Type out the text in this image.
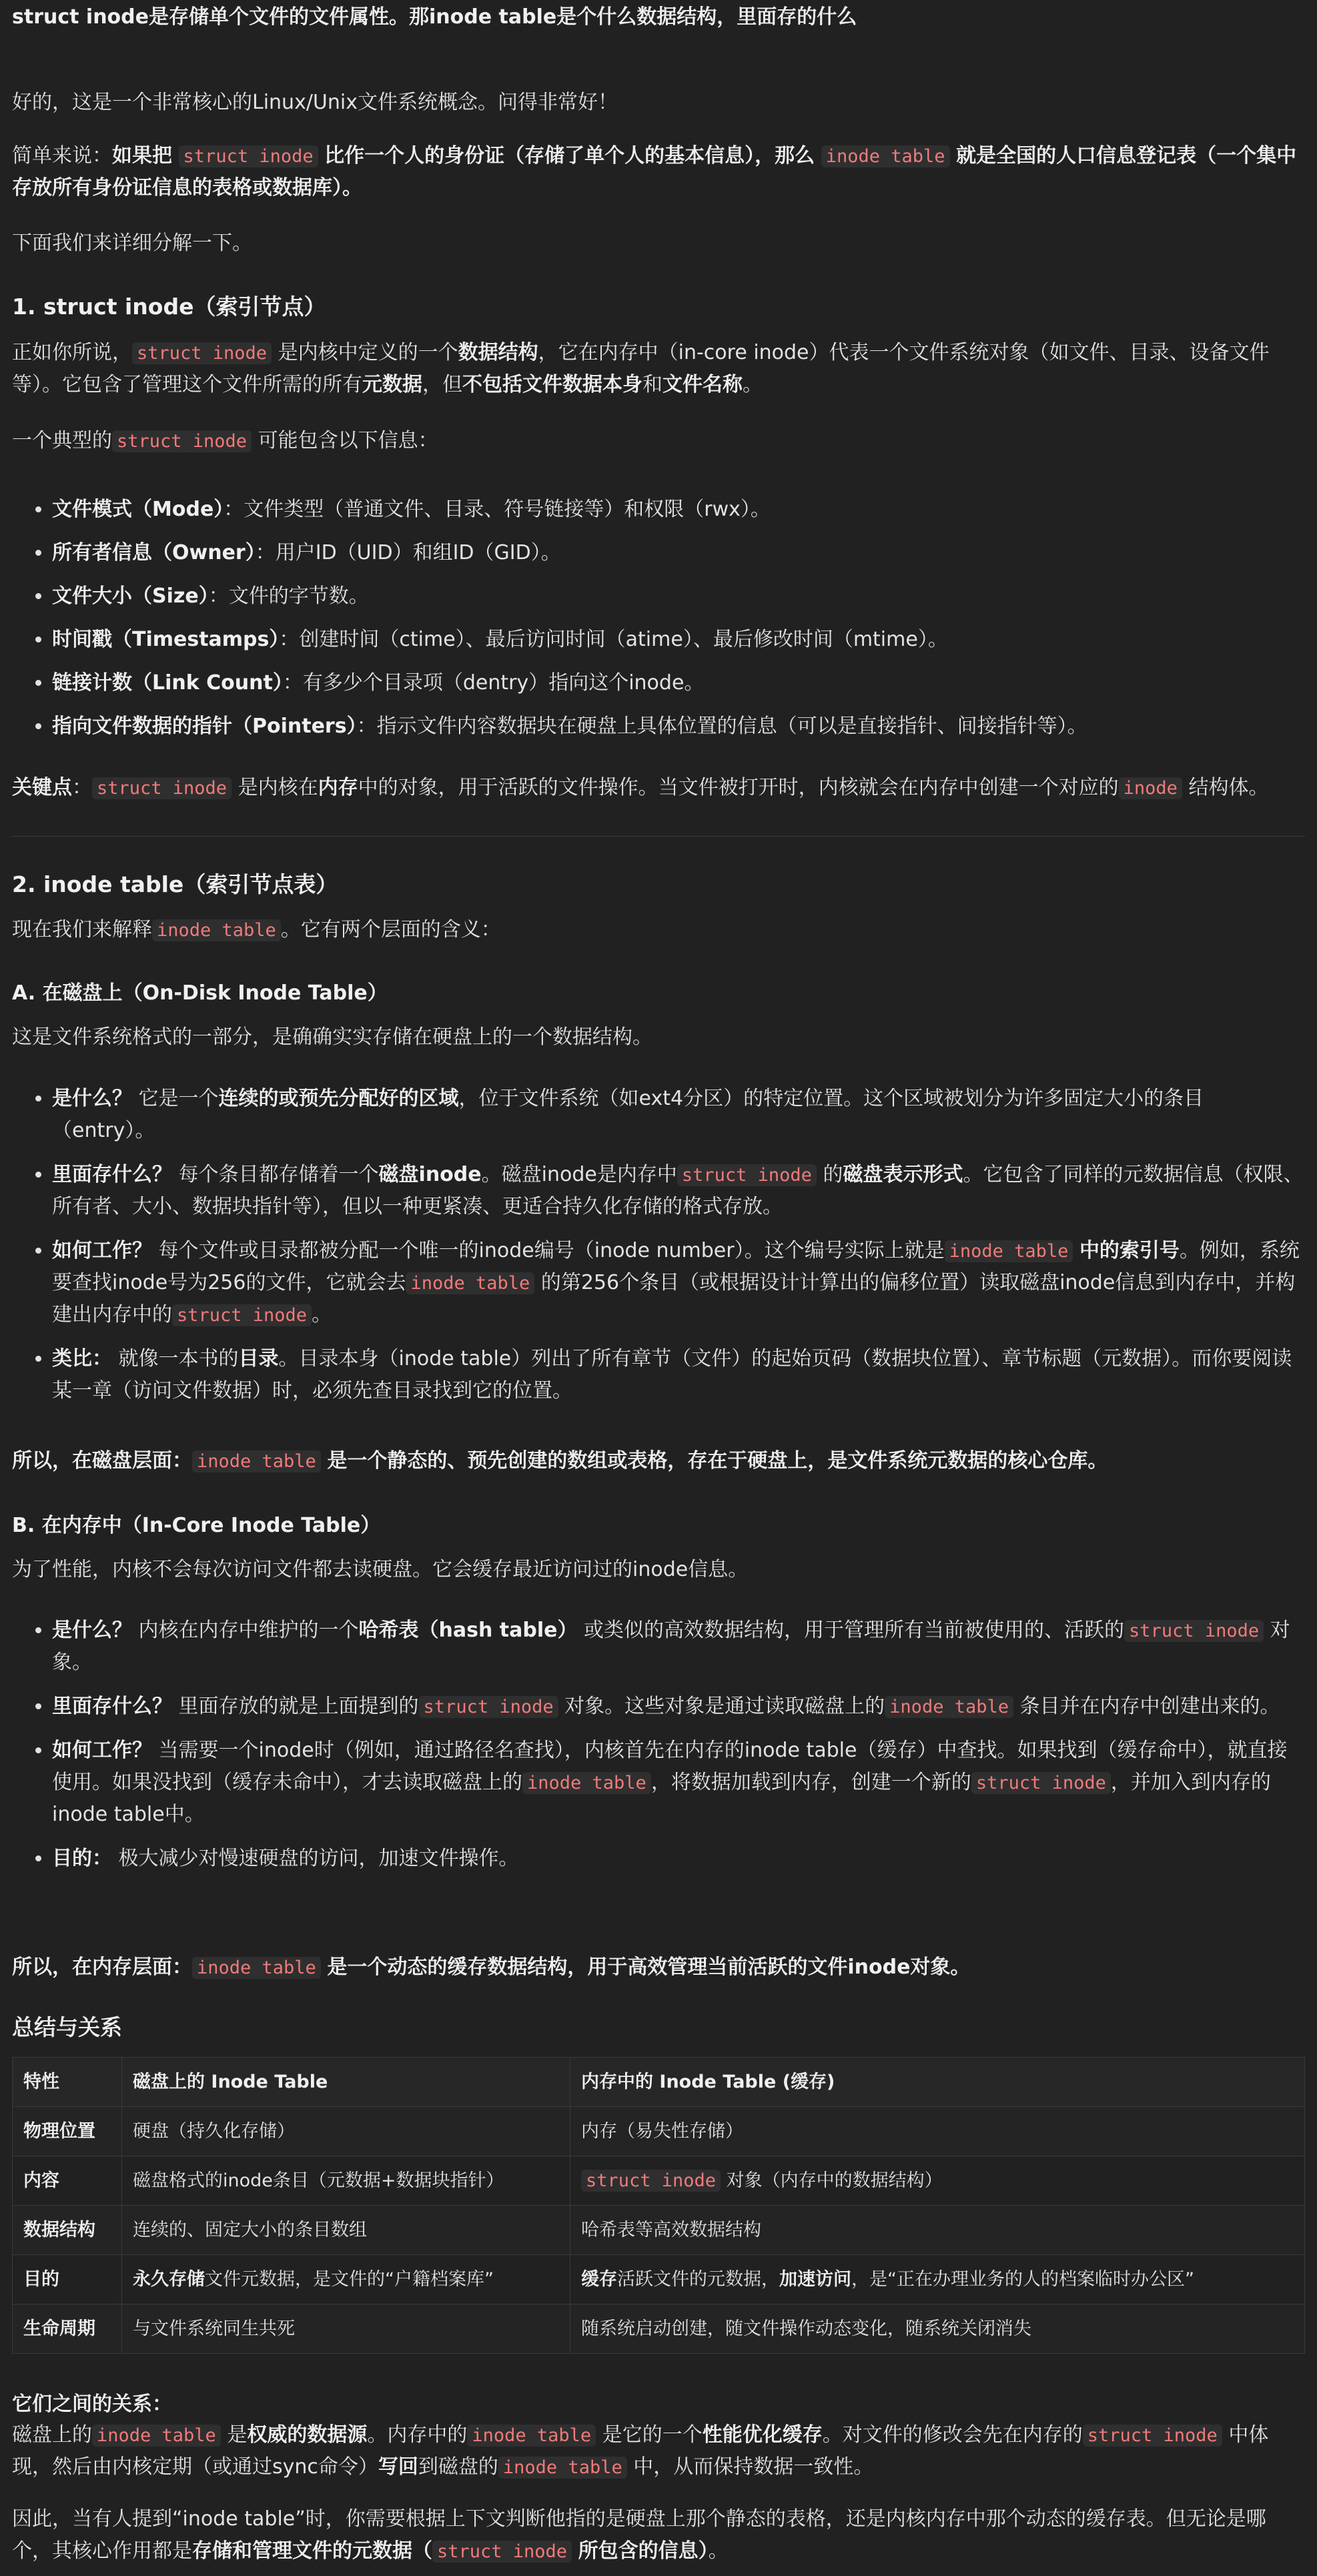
struct inode是存储单个文件的文件属性。那inode table是个什么数据结构，里面存的什么

好的，这是一个非常核心的Linux/Unix文件系统概念。问得非常好！

简单来说：如果把 struct inode 比作一个人的身份证（存储了单个人的基本信息），那么 inode table 就是全国的人口信息登记表（一个集中存放所有身份证信息的表格或数据库）。

下面我们来详细分解一下。

1. struct inode（索引节点）

正如你所说， struct inode 是内核中定义的一个数据结构，它在内存中（in-core inode）代表一个文件系统对象（如文件、目录、设备文件等）。它包含了管理这个文件所需的所有元数据，但不包括文件数据本身和文件名称。

一个典型的 struct inode 可能包含以下信息：

• 文件模式（Mode）：文件类型（普通文件、目录、符号链接等）和权限（rwx）。
• 所有者信息（Owner）：用户ID（UID）和组ID（GID）。
• 文件大小（Size）：文件的字节数。
• 时间戳（Timestamps）：创建时间（ctime）、最后访问时间（atime）、最后修改时间（mtime）。
• 链接计数（Link Count）：有多少个目录项（dentry）指向这个inode。
• 指向文件数据的指针（Pointers）：指示文件内容数据块在硬盘上具体位置的信息（可以是直接指针、间接指针等）。

关键点： struct inode 是内核在内存中的对象，用于活跃的文件操作。当文件被打开时，内核就会在内存中创建一个对应的 inode 结构体。

2. inode table（索引节点表）

现在我们来解释 inode table 。它有两个层面的含义：

A. 在磁盘上（On-Disk Inode Table）

这是文件系统格式的一部分，是确确实实存储在硬盘上的一个数据结构。

• 是什么？ 它是一个连续的或预先分配好的区域，位于文件系统（如ext4分区）的特定位置。这个区域被划分为许多固定大小的条目（entry）。
• 里面存什么？ 每个条目都存储着一个磁盘inode。磁盘inode是内存中 struct inode 的磁盘表示形式。它包含了同样的元数据信息（权限、所有者、大小、数据块指针等），但以一种更紧凑、更适合持久化存储的格式存放。
• 如何工作？ 每个文件或目录都被分配一个唯一的inode编号（inode number）。这个编号实际上就是 inode table 中的索引号。例如，系统要查找inode号为256的文件，它就会去 inode table 的第256个条目（或根据设计计算出的偏移位置）读取磁盘inode信息到内存中，并构建出内存中的 struct inode 。
• 类比： 就像一本书的目录。目录本身（inode table）列出了所有章节（文件）的起始页码（数据块位置）、章节标题（元数据）。而你要阅读某一章（访问文件数据）时，必须先查目录找到它的位置。

所以，在磁盘层面： inode table 是一个静态的、预先创建的数组或表格，存在于硬盘上，是文件系统元数据的核心仓库。

B. 在内存中（In-Core Inode Table）

为了性能，内核不会每次访问文件都去读硬盘。它会缓存最近访问过的inode信息。

• 是什么？ 内核在内存中维护的一个哈希表（hash table） 或类似的高效数据结构，用于管理所有当前被使用的、活跃的 struct inode 对象。
• 里面存什么？ 里面存放的就是上面提到的 struct inode 对象。这些对象是通过读取磁盘上的 inode table 条目并在内存中创建出来的。
• 如何工作？ 当需要一个inode时（例如，通过路径名查找），内核首先在内存的inode table（缓存）中查找。如果找到（缓存命中），就直接使用。如果没找到（缓存未命中），才去读取磁盘上的 inode table ，将数据加载到内存，创建一个新的 struct inode ，并加入到内存的inode table中。
• 目的： 极大减少对慢速硬盘的访问，加速文件操作。

所以，在内存层面： inode table 是一个动态的缓存数据结构，用于高效管理当前活跃的文件inode对象。

总结与关系
特性	磁盘上的 Inode Table	内存中的 Inode Table (缓存)
物理位置	硬盘（持久化存储）	内存（易失性存储）
内容	磁盘格式的inode条目（元数据+数据块指针）	struct inode 对象（内存中的数据结构）
数据结构	连续的、固定大小的条目数组	哈希表等高效数据结构
目的	永久存储文件元数据，是文件的“户籍档案库”	缓存活跃文件的元数据，加速访问，是“正在办理业务的人的档案临时办公区”
生命周期	与文件系统同生共死	随系统启动创建，随文件操作动态变化，随系统关闭消失
它们之间的关系：

磁盘上的 inode table 是权威的数据源。内存中的 inode table 是它的一个性能优化缓存。对文件的修改会先在内存的 struct inode 中体现，然后由内核定期（或通过sync命令）写回到磁盘的 inode table 中，从而保持数据一致性。

因此，当有人提到“inode table”时，你需要根据上下文判断他指的是硬盘上那个静态的表格，还是内核内存中那个动态的缓存表。但无论是哪个，其核心作用都是存储和管理文件的元数据（ struct inode 所包含的信息）。
